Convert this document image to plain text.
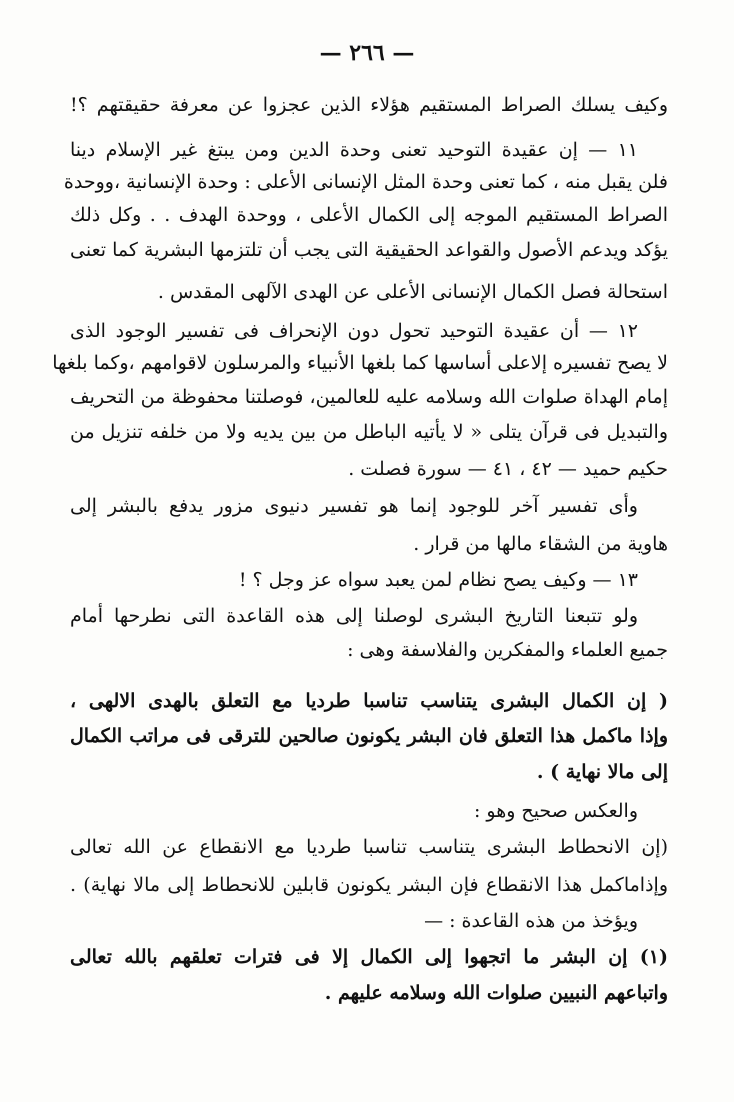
— ٢٦٦ —
وكيف يسلك الصراط المستقيم هؤلاء الذين عجزوا عن معرفة حقيقتهم ؟!
١١ — إن عقيدة التوحيد تعنى وحدة الدين ومن يبتغ غير الإسلام دينا
فلن يقبل منه ، كما تعنى وحدة المثل الإنسانى الأعلى : وحدة الإنسانية ،ووحدة
الصراط المستقيم الموجه إلى الكمال الأعلى ، ووحدة الهدف . . وكل ذلك
يؤكد ويدعم الأصول والقواعد الحقيقية التى يجب أن تلتزمها البشرية كما تعنى
استحالة فصل الكمال الإنسانى الأعلى عن الهدى الآلهى المقدس .
١٢ — أن عقيدة التوحيد تحول دون الإنحراف فى تفسير الوجود الذى
لا يصح تفسيره إلاعلى أساسها كما بلغها الأنبياء والمرسلون لاقوامهم ،وكما بلغها
إمام الهداة صلوات الله وسلامه عليه للعالمين، فوصلتنا محفوظة من التحريف
والتبديل فى قرآن يتلى « لا يأتيه الباطل من بين يديه ولا من خلفه تنزيل من
حكيم حميد — ٤٢ ، ٤١ — سورة فصلت .
وأى تفسير آخر للوجود إنما هو تفسير دنيوى مزور يدفع بالبشر إلى
هاوية من الشقاء مالها من قرار .
١٣ — وكيف يصح نظام لمن يعبد سواه عز وجل ؟ !
ولو تتبعنا التاريخ البشرى لوصلنا إلى هذه القاعدة التى نطرحها أمام
جميع العلماء والمفكرين والفلاسفة وهى :
( إن الكمال البشرى يتناسب تناسبا طرديا مع التعلق بالهدى الالهى ،
وإذا ماكمل هذا التعلق فان البشر يكونون صالحين للترقى فى مراتب الكمال
إلى مالا نهاية ) .
والعكس صحيح وهو :
(إن الانحطاط البشرى يتناسب تناسبا طرديا مع الانقطاع عن الله تعالى
وإذاماكمل هذا الانقطاع فإن البشر يكونون قابلين للانحطاط إلى مالا نهاية) .
ويؤخذ من هذه القاعدة : —
(١) إن البشر ما اتجهوا إلى الكمال إلا فى فترات تعلقهم بالله تعالى
واتباعهم النبيين صلوات الله وسلامه عليهم .
